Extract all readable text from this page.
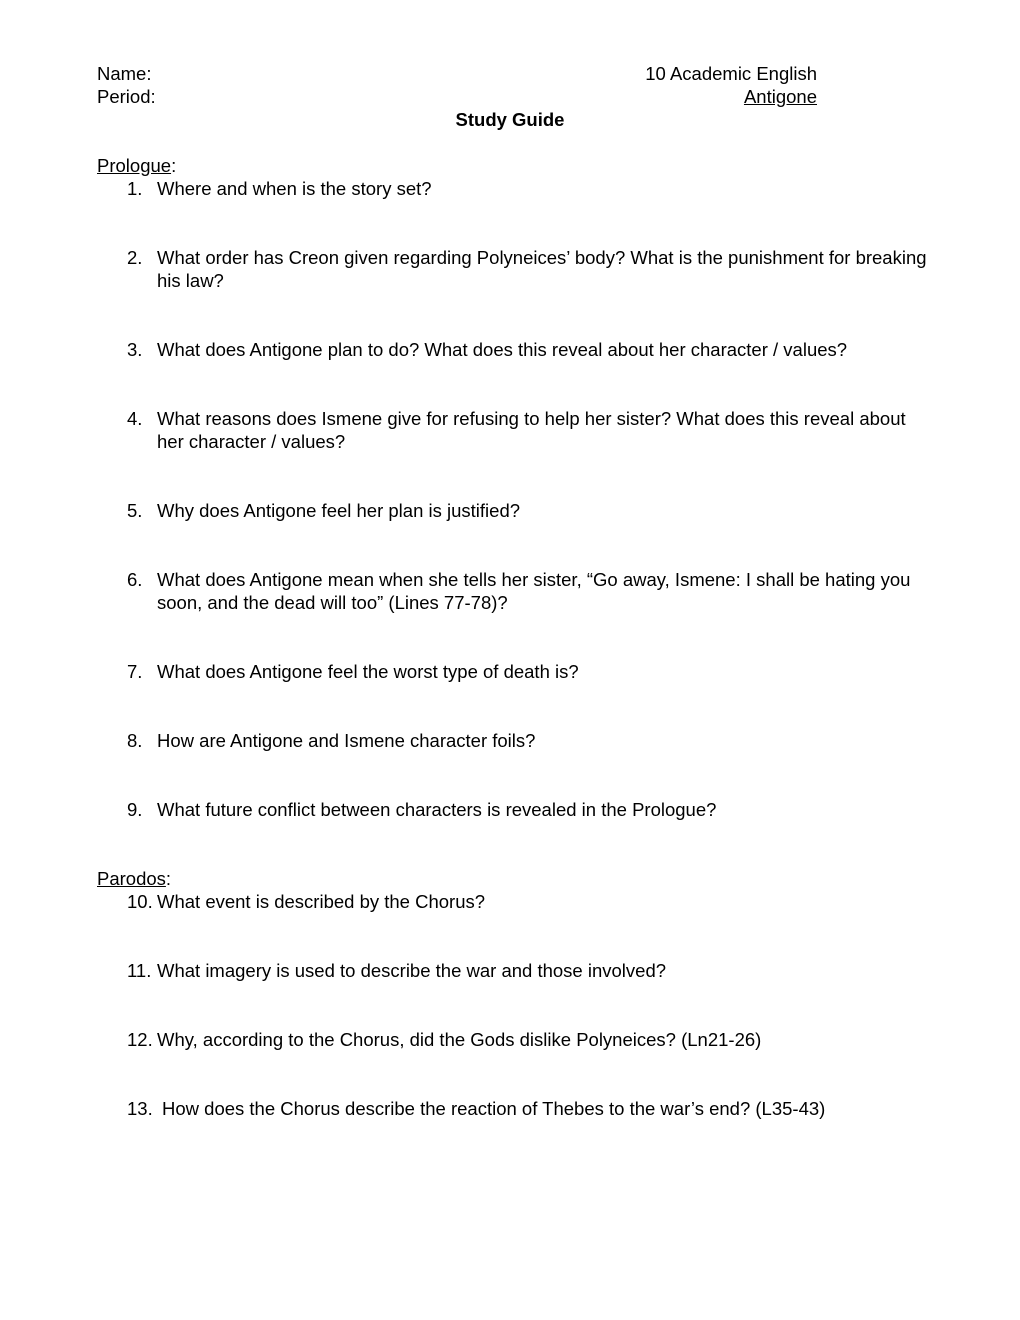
Name:	10 Academic English
Period:	Antigone
Study Guide
Prologue:
1. Where and when is the story set?
2. What order has Creon given regarding Polyneices’ body? What is the punishment for breaking his law?
3. What does Antigone plan to do? What does this reveal about her character / values?
4. What reasons does Ismene give for refusing to help her sister? What does this reveal about her character / values?
5. Why does Antigone feel her plan is justified?
6. What does Antigone mean when she tells her sister, “Go away, Ismene: I shall be hating you soon, and the dead will too” (Lines 77-78)?
7. What does Antigone feel the worst type of death is?
8. How are Antigone and Ismene character foils?
9. What future conflict between characters is revealed in the Prologue?
Parodos:
10. What event is described by the Chorus?
11. What imagery is used to describe the war and those involved?
12. Why, according to the Chorus, did the Gods dislike Polyneices? (Ln21-26)
13. How does the Chorus describe the reaction of Thebes to the war’s end? (L35-43)
